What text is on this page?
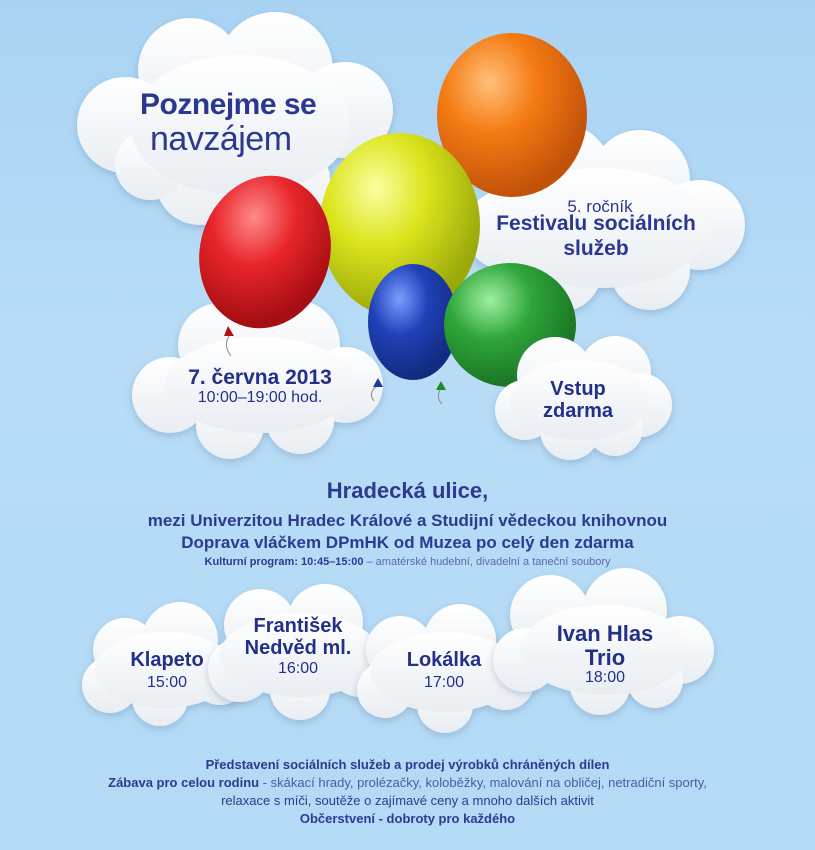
Poznejme se
navzájem
5. ročník
Festivalu sociálních
služeb
7. června 2013
10:00–19:00 hod.	Vstup
zdarma
Hradecká ulice,
mezi Univerzitou Hradec Králové a Studijní vědeckou knihovnou
Doprava vláčkem DPmHK od Muzea po celý den zdarma
Kulturní program: 10:45–15:00 – amatérské hudební, divadelní a taneční soubory
Klapeto
15:00
František
Nedvěd ml.
16:00	Lokálka
17:00
Ivan Hlas
Trio
18:00
Představení sociálních služeb a prodej výrobků chráněných dílen
Zábava pro celou rodinu - skákací hrady, prolézačky, koloběžky, malování na obličej, netradiční sporty,
relaxace s míči, soutěže o zajímavé ceny a mnoho dalších aktivit
Občerstvení - dobroty pro každého
